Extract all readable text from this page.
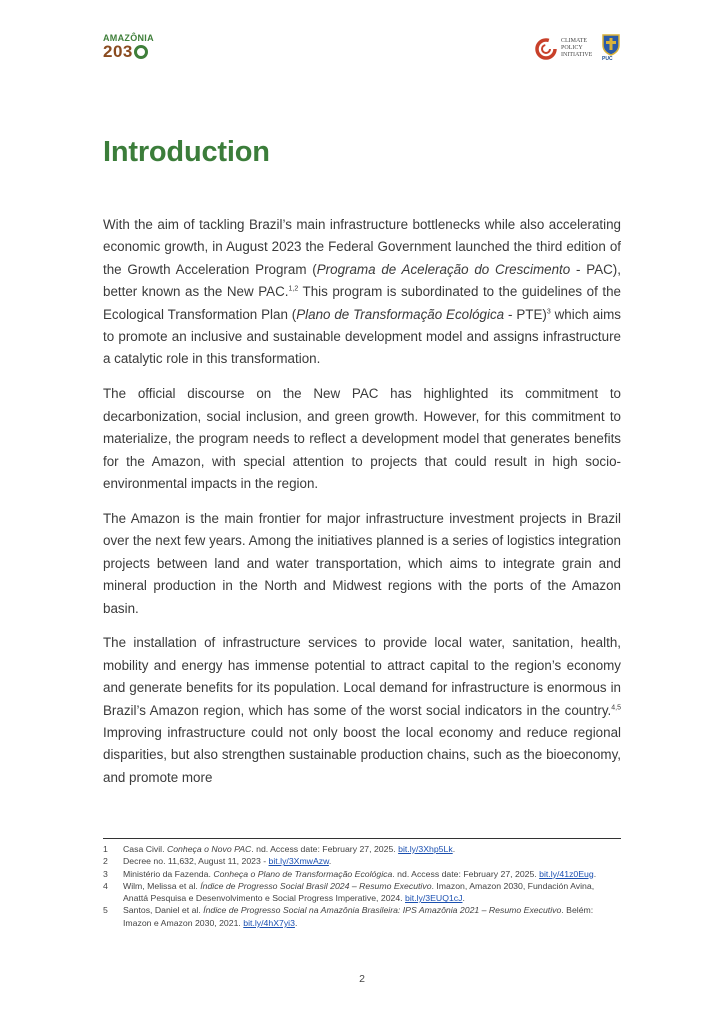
AMAZÔNIA
203
CLIMATE
POLICY
INITIATIVE
PUC
Introduction

With the aim of tackling Brazil’s main infrastructure bottlenecks while also accelerating economic growth, in August 2023 the Federal Government launched the third edition of the Growth Acceleration Program (Programa de Aceleração do Crescimento - PAC), better known as the New PAC.$^{1,2}$ This program is subordinated to the guidelines of the Ecological Transformation Plan (Plano de Transformação Ecológica - PTE)$^3$ which aims to promote an inclusive and sustainable development model and assigns infrastructure a catalytic role in this transformation.

The official discourse on the New PAC has highlighted its commitment to decarbonization, social inclusion, and green growth. However, for this commitment to materialize, the program needs to reflect a development model that generates benefits for the Amazon, with special attention to projects that could result in high socio-environmental impacts in the region.

The Amazon is the main frontier for major infrastructure investment projects in Brazil over the next few years. Among the initiatives planned is a series of logistics integration projects between land and water transportation, which aims to integrate grain and mineral production in the North and Midwest regions with the ports of the Amazon basin.

The installation of infrastructure services to provide local water, sanitation, health, mobility and energy has immense potential to attract capital to the region’s economy and generate benefits for its population. Local demand for infrastructure is enormous in Brazil’s Amazon region, which has some of the worst social indicators in the country.$^{4,5}$ Improving infrastructure could not only boost the local economy and reduce regional disparities, but also strengthen sustainable production chains, such as the bioeconomy, and promote more

1	Casa Civil. Conheça o Novo PAC. nd. Access date: February 27, 2025. bit.ly/3Xhp5Lk.
2	Decree no. 11,632, August 11, 2023 - bit.ly/3XmwAzw.
3	Ministério da Fazenda. Conheça o Plano de Transformação Ecológica. nd. Access date: February 27, 2025. bit.ly/41z0Eug.
4	Wilm, Melissa et al. Índice de Progresso Social Brasil 2024 – Resumo Executivo. Imazon, Amazon 2030, Fundación Avina, Anattá Pesquisa e Desenvolvimento e Social Progress Imperative, 2024. bit.ly/3EUQ1cJ.
5	Santos, Daniel et al. Índice de Progresso Social na Amazônia Brasileira: IPS Amazônia 2021 – Resumo Executivo. Belém: Imazon e Amazon 2030, 2021. bit.ly/4hX7yi3.
2
